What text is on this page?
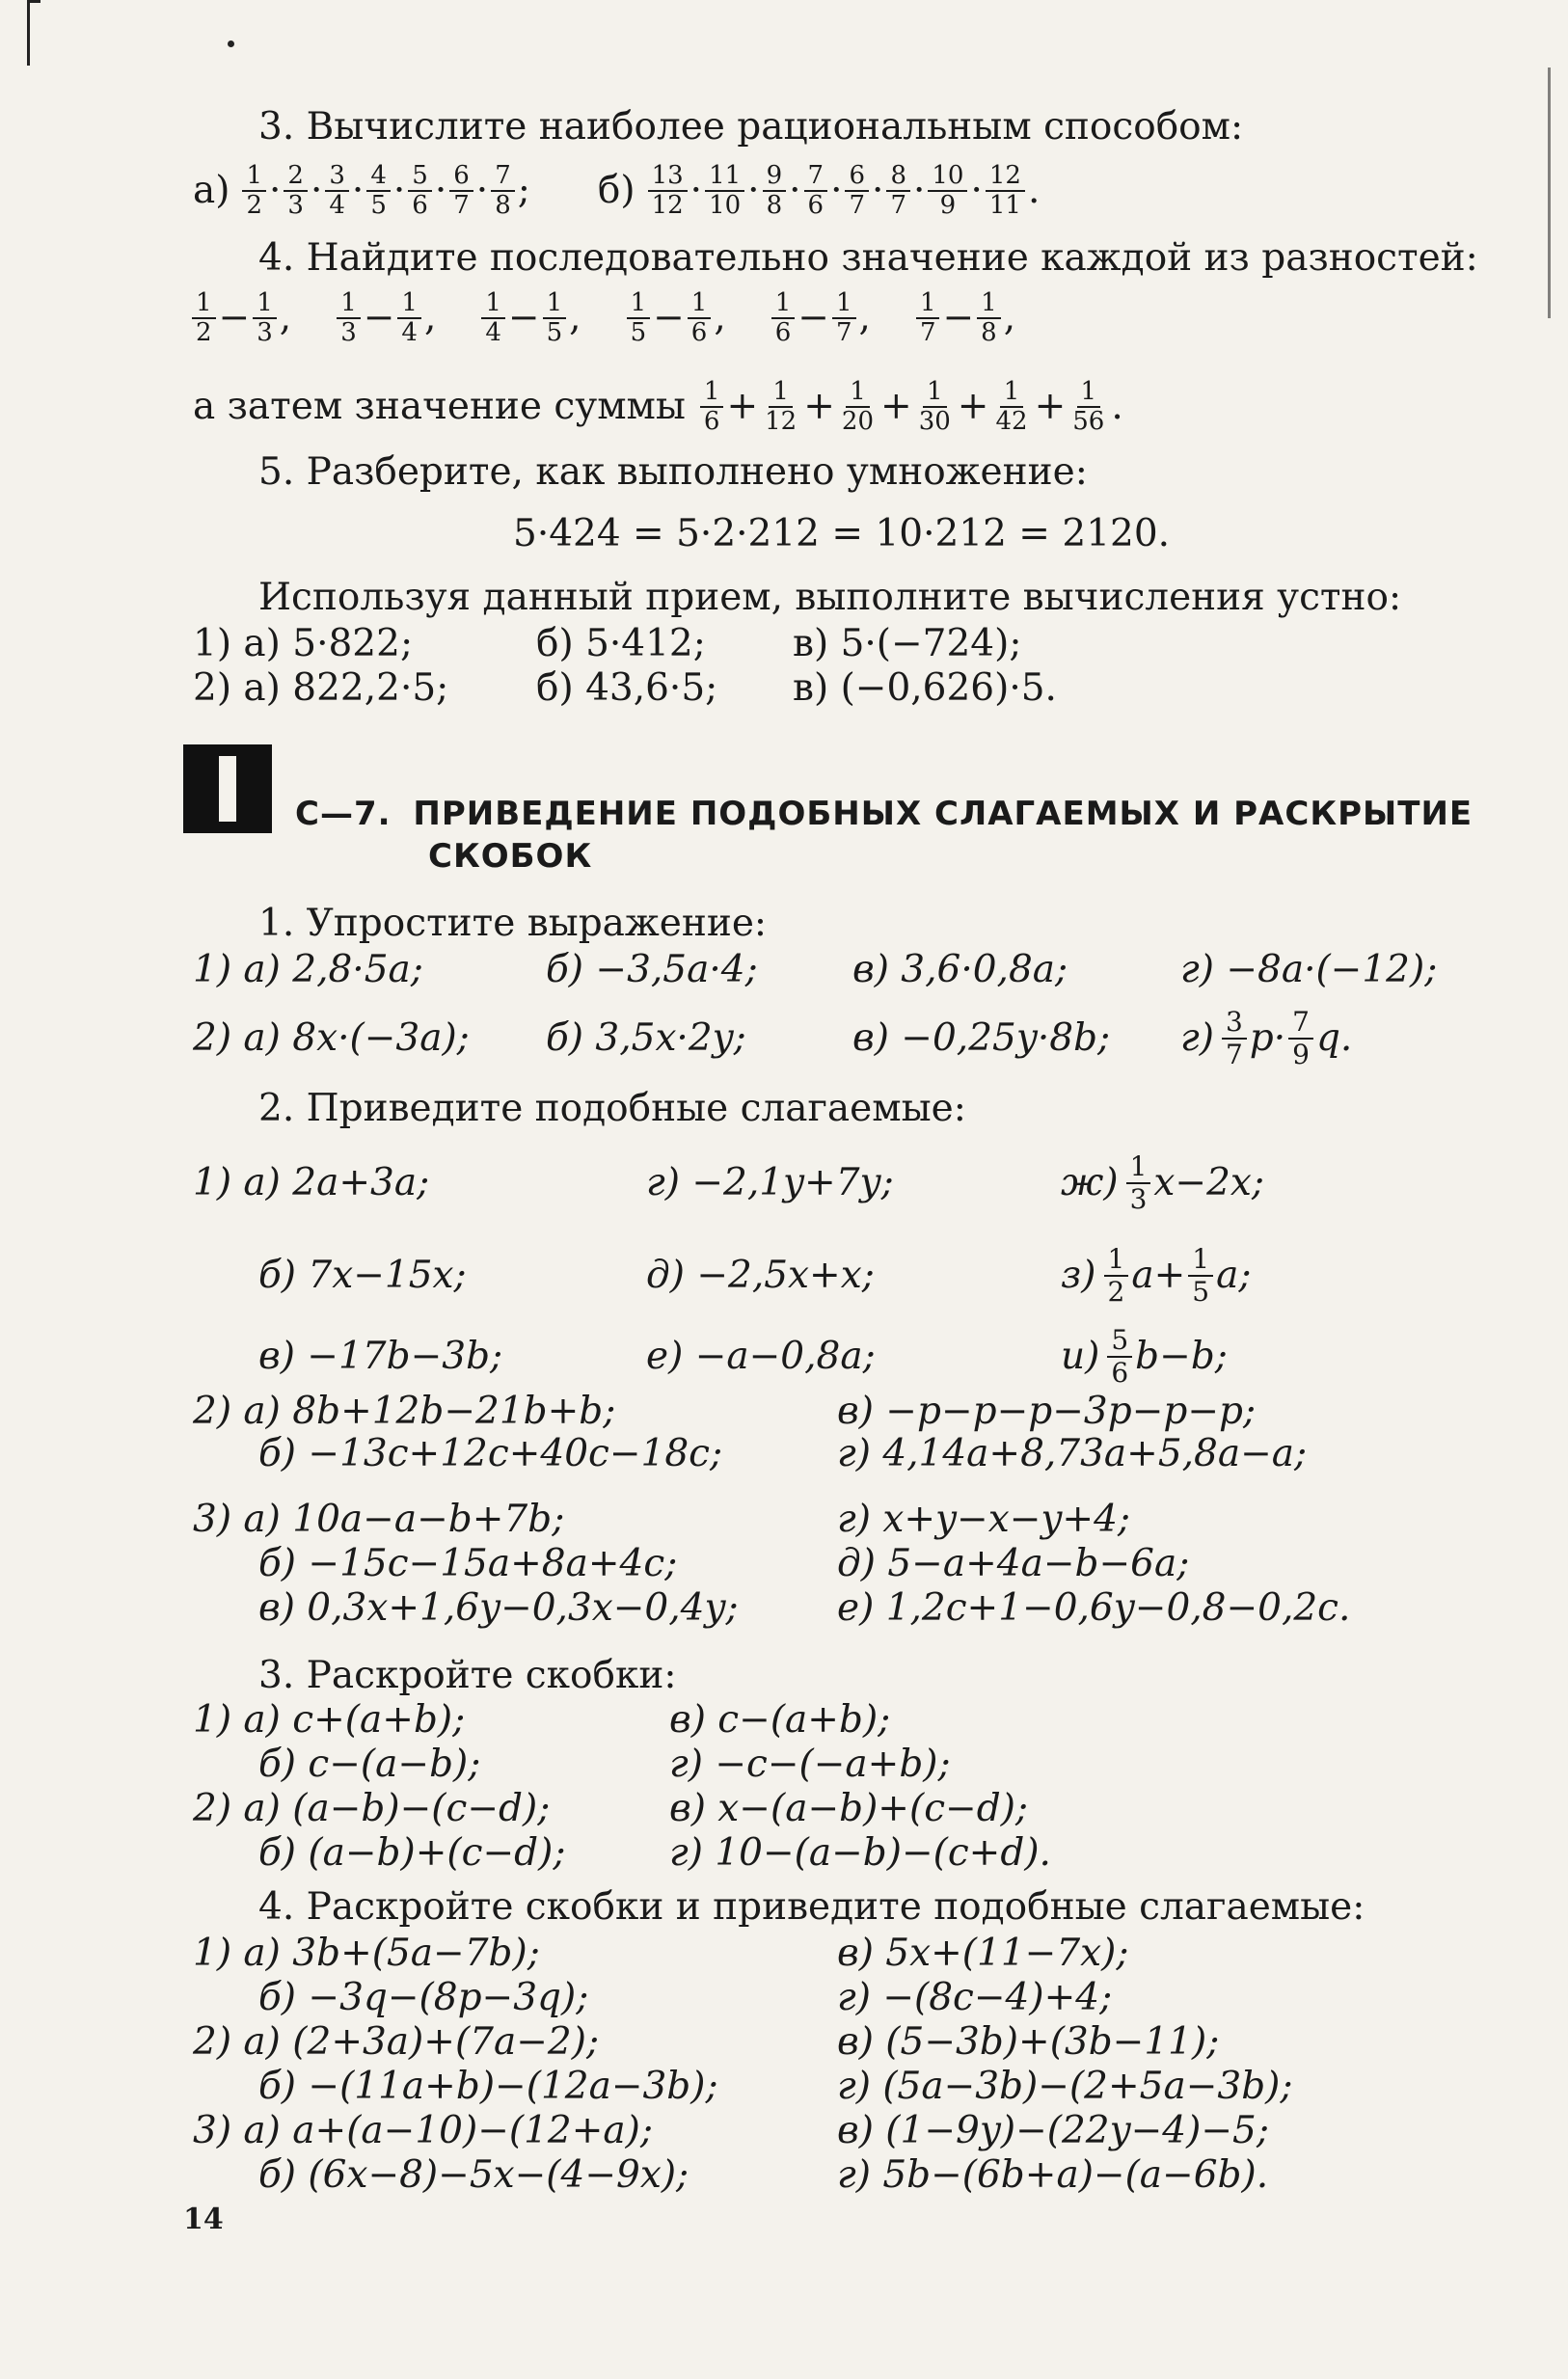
3. Вычислите наиболее рациональным способом:
$а) \frac{1}{2} \cdot \frac{2}{3} \cdot \frac{3}{4} \cdot \frac{4}{5} \cdot \frac{5}{6} \cdot \frac{6}{7} \cdot \frac{7}{8}$ ; $б) \frac{13}{12} \cdot \frac{11}{10} \cdot \frac{9}{8} \cdot \frac{7}{6} \cdot \frac{6}{7} \cdot \frac{8}{7} \cdot \frac{10}{9} \cdot \frac{12}{11}$ .
4. Найдите последовательно значение каждой из разностей:
$\frac{1}{2} - \frac{1}{3}$ , $\frac{1}{3} - \frac{1}{4}$ , $\frac{1}{4} - \frac{1}{5}$ , $\frac{1}{5} - \frac{1}{6}$ , $\frac{1}{6} - \frac{1}{7}$ , $\frac{1}{7} - \frac{1}{8}$ ,
а затем значение суммы $\frac{1}{6} + \frac{1}{12} + \frac{1}{20} + \frac{1}{30} + \frac{1}{42} + \frac{1}{56}$ .
5. Разберите, как выполнено умножение:
5·424 = 5·2·212 = 10·212 = 2120.
Используя данный прием, выполните вычисления устно:
1) а) 5·822;	б) 5·412; в) 5·(−724);
2) а) 822,2·5; б) 43,6·5; в) (−0,626)·5.
С—7. ПРИВЕДЕНИЕ ПОДОБНЫХ СЛАГАЕМЫХ И РАСКРЫТИЕ
СКОБОК
1. Упростите выражение:
1) а) 2,8·5a;	б) −3,5a·4;	в) 3,6·0,8a;	г) −8a·(−12);
2) а) 8x·(−3a);	б) 3,5x·2y;	в) −0,25y·8b;	$г) \frac{3}{7} p\cdot \frac{7}{9} q$.
2. Приведите подобные слагаемые:
1) а) 2a+3a;	г) −2,1y+7y;	$ж) \frac{1}{3} x-2x$;
б) 7x−15x;	д) −2,5x+x;	$з) \frac{1}{2} a+ \frac{1}{5} a$;
в) −17b−3b;	е) −a−0,8a;	$и) \frac{5}{6} b-b$;
2) а) 8b+12b−21b+b;	в) −p−p−p−3p−p−p;
б) −13c+12c+40c−18c;	г) 4,14a+8,73a+5,8a−a;
3) а) 10a−a−b+7b;	г) x+y−x−y+4;
б) −15c−15a+8a+4c;	д) 5−a+4a−b−6a;
в) 0,3x+1,6y−0,3x−0,4y;	е) 1,2c+1−0,6y−0,8−0,2c.
3. Раскройте скобки:
1) а) c+(a+b);	в) c−(a+b);
б) c−(a−b);	г) −c−(−a+b);
2) а) (a−b)−(c−d);	в) x−(a−b)+(c−d);
б) (a−b)+(c−d);	г) 10−(a−b)−(c+d).
4. Раскройте скобки и приведите подобные слагаемые:
1) а) 3b+(5a−7b);	в) 5x+(11−7x);
б) −3q−(8p−3q);	г) −(8c−4)+4;
2) а) (2+3a)+(7a−2);	в) (5−3b)+(3b−11);
б) −(11a+b)−(12a−3b);	г) (5a−3b)−(2+5a−3b);
3) а) a+(a−10)−(12+a);	в) (1−9y)−(22y−4)−5;
б) (6x−8)−5x−(4−9x);	г) 5b−(6b+a)−(a−6b).
14
